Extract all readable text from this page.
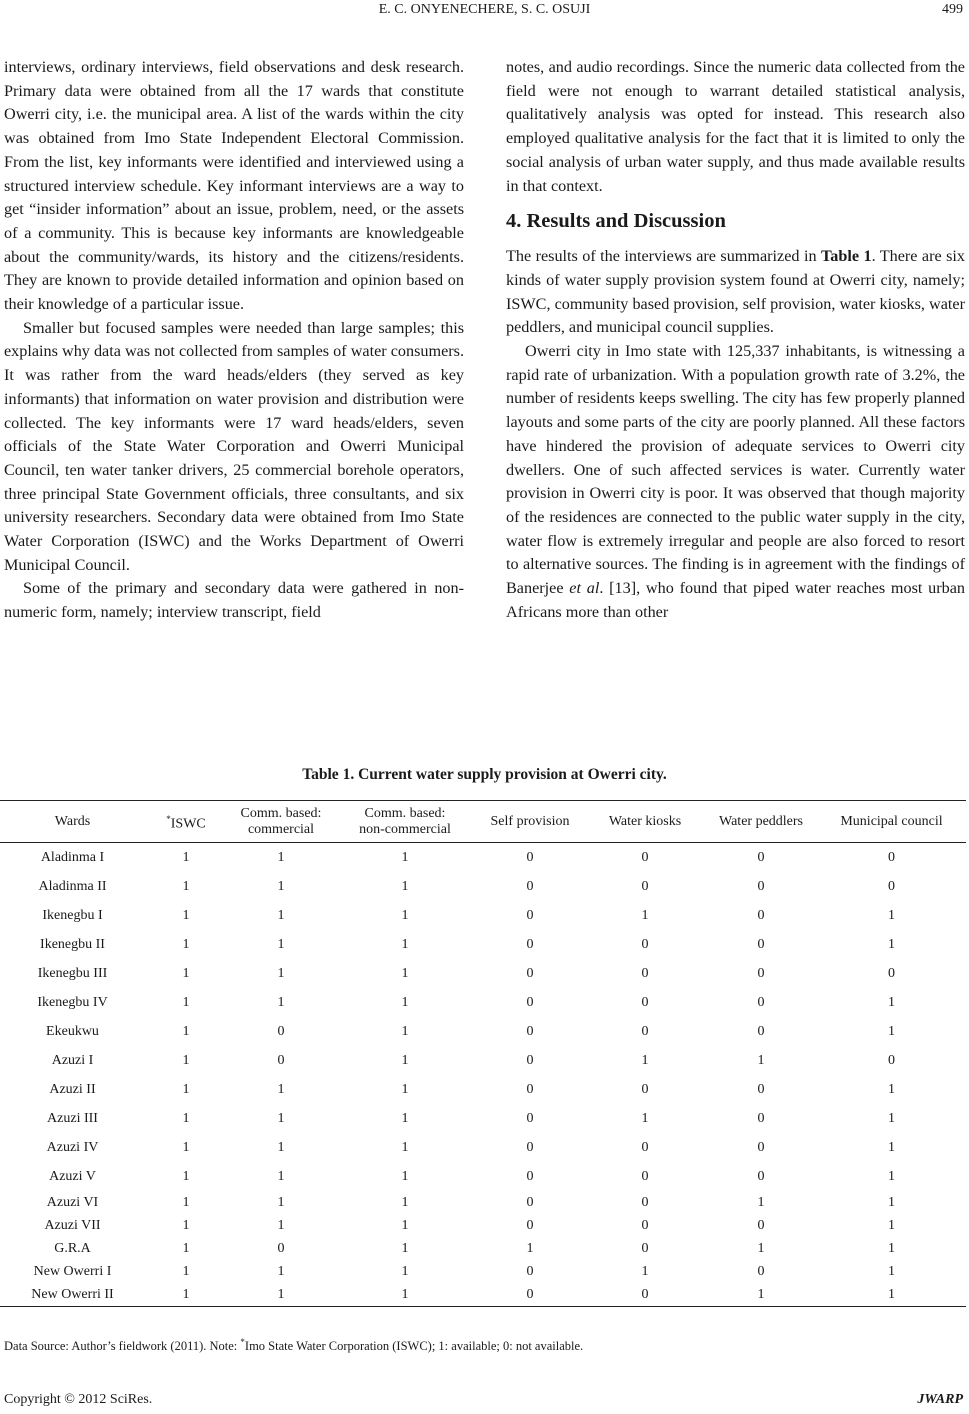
E. C. ONYENECHERE, S. C. OSUJI	499

interviews, ordinary interviews, field observations and desk research. Primary data were obtained from all the 17 wards that constitute Owerri city, i.e. the municipal area. A list of the wards within the city was obtained from Imo State Independent Electoral Commission. From the list, key informants were identified and interviewed using a structured interview schedule. Key informant interviews are a way to get “insider information” about an issue, problem, need, or the assets of a community. This is because key informants are knowledgeable about the community/wards, its history and the citizens/residents. They are known to provide detailed information and opinion based on their knowledge of a particular issue.

Smaller but focused samples were needed than large samples; this explains why data was not collected from samples of water consumers. It was rather from the ward heads/elders (they served as key informants) that information on water provision and distribution were collected. The key informants were 17 ward heads/elders, seven officials of the State Water Corporation and Owerri Municipal Council, ten water tanker drivers, 25 commercial borehole operators, three principal State Government officials, three consultants, and six university researchers. Secondary data were obtained from Imo State Water Corporation (ISWC) and the Works Department of Owerri Municipal Council.

Some of the primary and secondary data were gathered in non-numeric form, namely; interview transcript, field

notes, and audio recordings. Since the numeric data collected from the field were not enough to warrant detailed statistical analysis, qualitatively analysis was opted for instead. This research also employed qualitative analysis for the fact that it is limited to only the social analysis of urban water supply, and thus made available results in that context.

4. Results and Discussion

The results of the interviews are summarized in Table 1. There are six kinds of water supply provision system found at Owerri city, namely; ISWC, community based provision, self provision, water kiosks, water peddlers, and municipal council supplies.

Owerri city in Imo state with 125,337 inhabitants, is witnessing a rapid rate of urbanization. With a population growth rate of 3.2%, the number of residents keeps swelling. The city has few properly planned layouts and some parts of the city are poorly planned. All these factors have hindered the provision of adequate services to Owerri city dwellers. One of such affected services is water. Currently water provision in Owerri city is poor. It was observed that though majority of the residences are connected to the public water supply in the city, water flow is extremely irregular and people are also forced to resort to alternative sources. The finding is in agreement with the findings of Banerjee et al. [13], who found that piped water reaches most urban Africans more than other

Table 1. Current water supply provision at Owerri city.
Wards	*ISWC	Comm. based:
commercial	Comm. based:
non-commercial	Self provision	Water kiosks	Water peddlers	Municipal council
Aladinma I	1	1	1	0	0	0	0
Aladinma II	1	1	1	0	0	0	0
Ikenegbu I	1	1	1	0	1	0	1
Ikenegbu II	1	1	1	0	0	0	1
Ikenegbu III	1	1	1	0	0	0	0
Ikenegbu IV	1	1	1	0	0	0	1
Ekeukwu	1	0	1	0	0	0	1
Azuzi I	1	0	1	0	1	1	0
Azuzi II	1	1	1	0	0	0	1
Azuzi III	1	1	1	0	1	0	1
Azuzi IV	1	1	1	0	0	0	1
Azuzi V	1	1	1	0	0	0	1
Azuzi VI	1	1	1	0	0	1	1
Azuzi VII	1	1	1	0	0	0	1
G.R.A	1	0	1	1	0	1	1
New Owerri I	1	1	1	0	1	0	1
New Owerri II	1	1	1	0	0	1	1
Data Source: Author’s fieldwork (2011). Note: *Imo State Water Corporation (ISWC); 1: available; 0: not available.
Copyright © 2012 SciRes.	JWARP
